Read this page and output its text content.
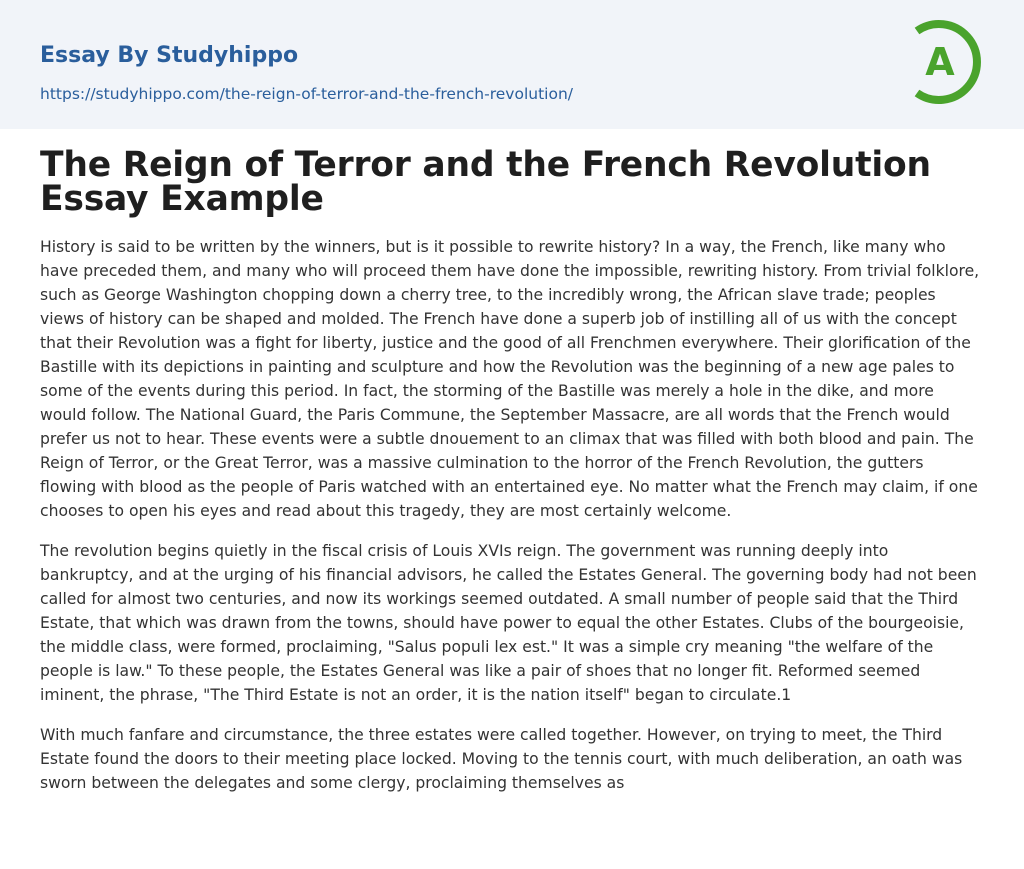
Essay By Studyhippo
https://studyhippo.com/the-reign-of-terror-and-the-french-revolution/
A
The Reign of Terror and the French Revolution Essay Example

History is said to be written by the winners, but is it possible to rewrite history? In a way, the French, like many who have preceded them, and many who will proceed them have done the impossible, rewriting history. From trivial folklore, such as George Washington chopping down a cherry tree, to the incredibly wrong, the African slave trade; peoples views of history can be shaped and molded. The French have done a superb job of instilling all of us with the concept that their Revolution was a fight for liberty, justice and the good of all Frenchmen everywhere. Their glorification of the Bastille with its depictions in painting and sculpture and how the Revolution was the beginning of a new age pales to some of the events during this period. In fact, the storming of the Bastille was merely a hole in the dike, and more would follow. The National Guard, the Paris Commune, the September Massacre, are all words that the French would prefer us not to hear. These events were a subtle dnouement to an climax that was filled with both blood and pain. The Reign of Terror, or the Great Terror, was a massive culmination to the horror of the French Revolution, the gutters flowing with blood as the people of Paris watched with an entertained eye. No matter what the French may claim, if one chooses to open his eyes and read about this tragedy, they are most certainly welcome.

The revolution begins quietly in the fiscal crisis of Louis XVIs reign. The government was running deeply into bankruptcy, and at the urging of his financial advisors, he called the Estates General. The governing body had not been called for almost two centuries, and now its workings seemed outdated. A small number of people said that the Third Estate, that which was drawn from the towns, should have power to equal the other Estates. Clubs of the bourgeoisie, the middle class, were formed, proclaiming, "Salus populi lex est." It was a simple cry meaning "the welfare of the people is law." To these people, the Estates General was like a pair of shoes that no longer fit. Reformed seemed iminent, the phrase, "The Third Estate is not an order, it is the nation itself" began to circulate.1

With much fanfare and circumstance, the three estates were called together. However, on trying to meet, the Third Estate found the doors to their meeting place locked. Moving to the tennis court, with much deliberation, an oath was sworn between the delegates and some clergy, proclaiming themselves as
